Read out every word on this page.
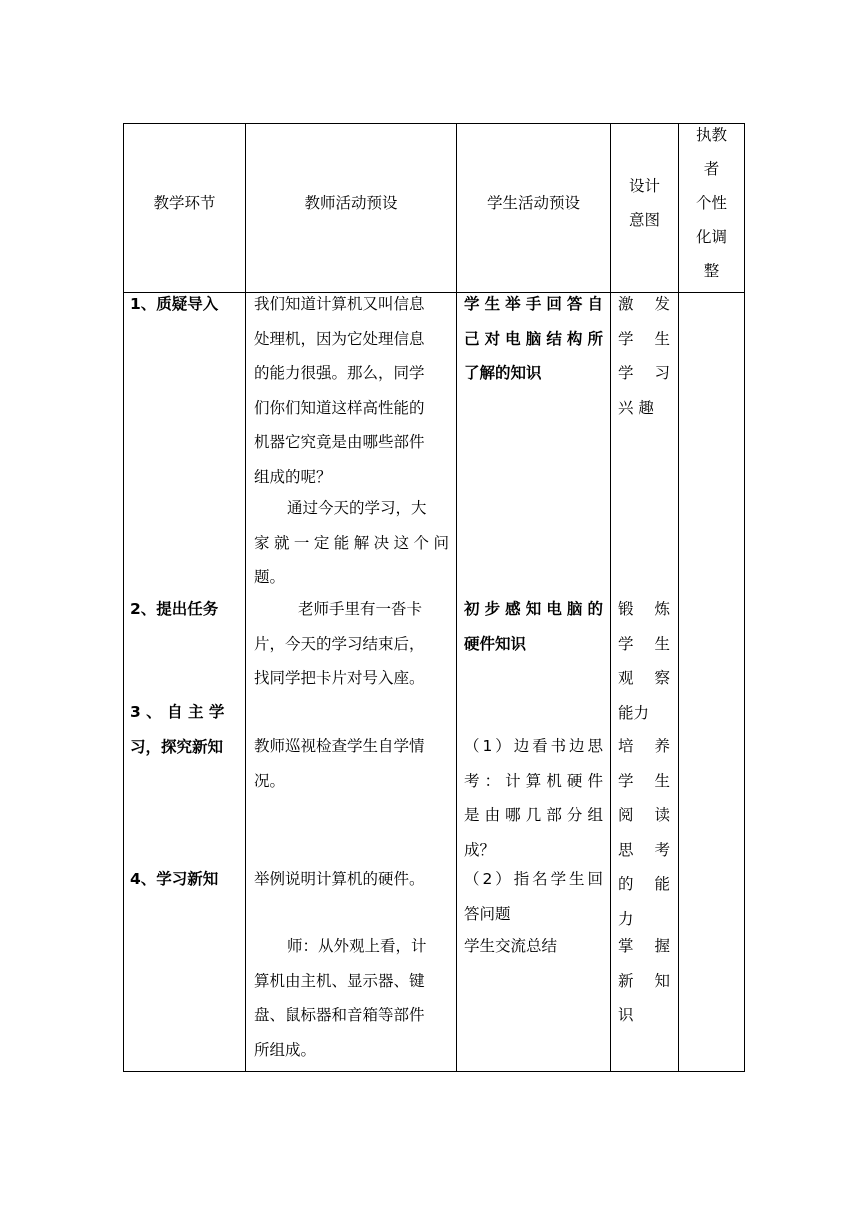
教学环节	教师活动预设	学生活动预设
设计
意图
执教
者
个性
化调
整
1、质疑导入
2、提出任务
3 、 自 主 学
习，探究新知
4、学习新知
我们知道计算机又叫信息
处理机，因为它处理信息
的能力很强。那么，同学
们你们知道这样高性能的
机器它究竟是由哪些部件
组成的呢？
通过今天的学习，大
家就一定能解决这个问
题。
老师手里有一沓卡
片，今天的学习结束后，
找同学把卡片对号入座。
教师巡视检查学生自学情
况。
举例说明计算机的硬件。
师：从外观上看，计
算机由主机、显示器、键
盘、鼠标器和音箱等部件
所组成。
学生举手回答自
己对电脑结构所
了解的知识
初步感知电脑的
硬件知识
（1）边看书边思
考：计算机硬件
是由哪几部分组
成？
（2）指名学生回
答问题
学生交流总结
激 发
学 生
学 习
兴 趣
锻 炼
学 生
观 察
能力
培 养
学 生
阅 读
思 考
的 能
力
掌 握
新 知
识
